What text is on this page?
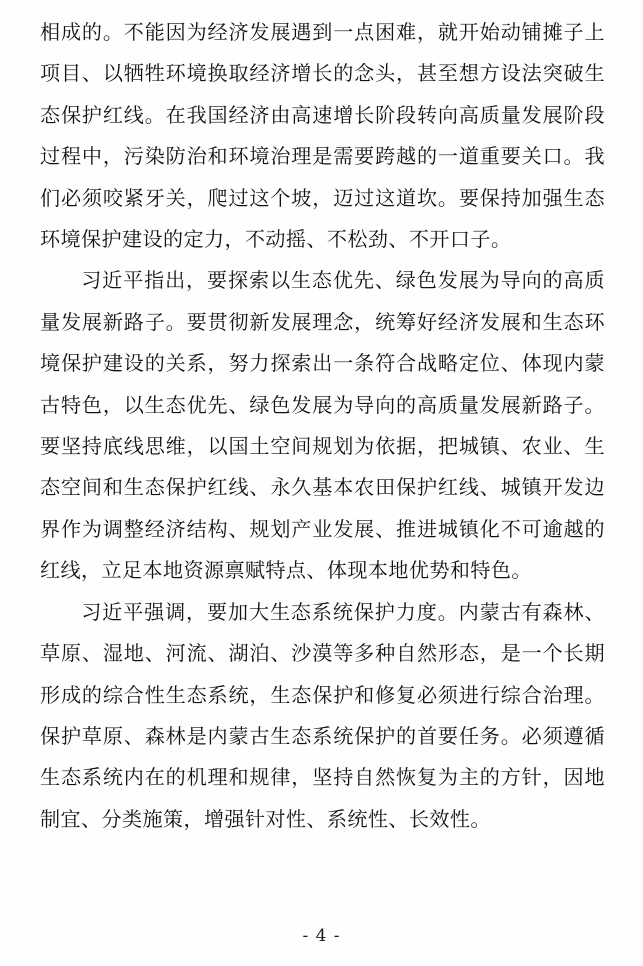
相成的。不能因为经济发展遇到一点困难，就开始动铺摊子上项目、以牺牲环境换取经济增长的念头，甚至想方设法突破生态保护红线。在我国经济由高速增长阶段转向高质量发展阶段过程中，污染防治和环境治理是需要跨越的一道重要关口。我们必须咬紧牙关，爬过这个坡，迈过这道坎。要保持加强生态环境保护建设的定力，不动摇、不松劲、不开口子。

习近平指出，要探索以生态优先、绿色发展为导向的高质量发展新路子。要贯彻新发展理念，统筹好经济发展和生态环境保护建设的关系，努力探索出一条符合战略定位、体现内蒙古特色，以生态优先、绿色发展为导向的高质量发展新路子。要坚持底线思维，以国土空间规划为依据，把城镇、农业、生态空间和生态保护红线、永久基本农田保护红线、城镇开发边界作为调整经济结构、规划产业发展、推进城镇化不可逾越的红线，立足本地资源禀赋特点、体现本地优势和特色。

习近平强调，要加大生态系统保护力度。内蒙古有森林、草原、湿地、河流、湖泊、沙漠等多种自然形态，是一个长期形成的综合性生态系统，生态保护和修复必须进行综合治理。保护草原、森林是内蒙古生态系统保护的首要任务。必须遵循生态系统内在的机理和规律，坚持自然恢复为主的方针，因地制宜、分类施策，增强针对性、系统性、长效性。

- 4 -
